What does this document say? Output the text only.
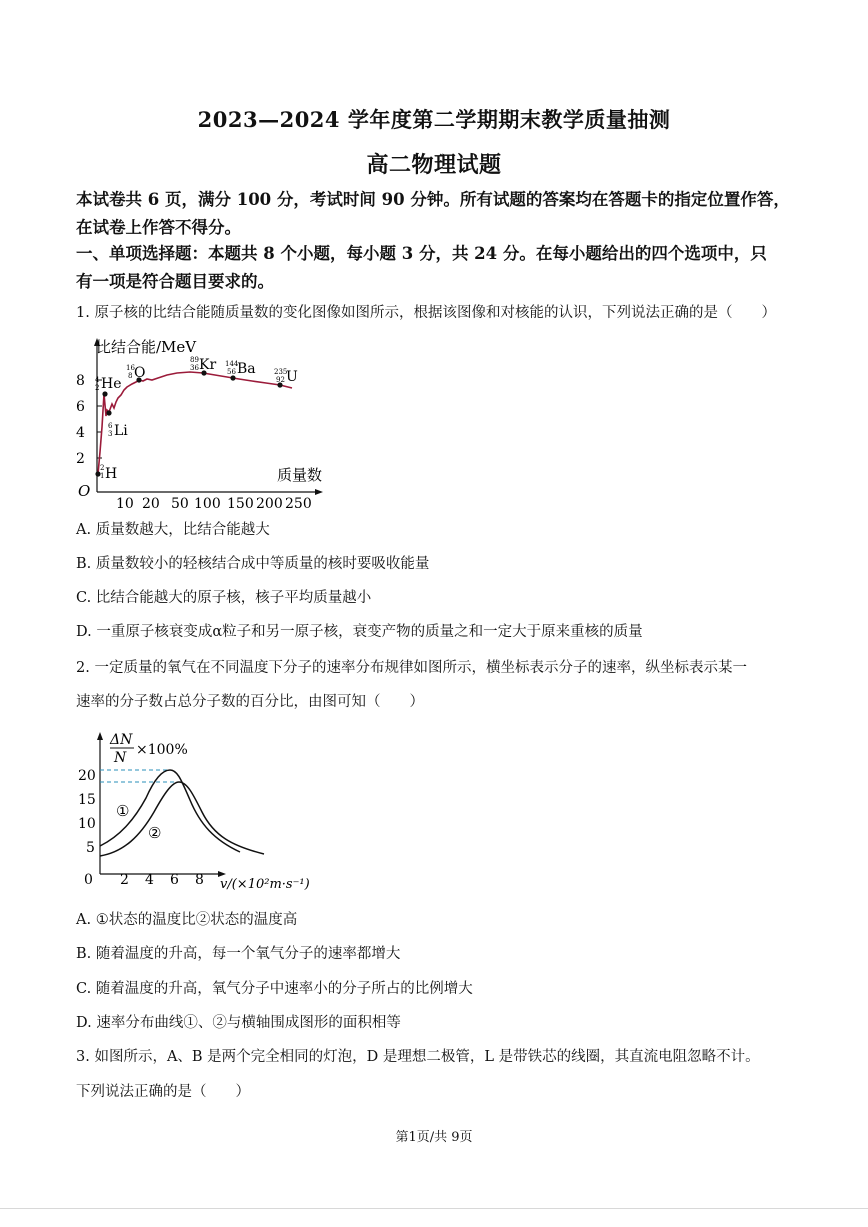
2023—2024 学年度第二学期期末教学质量抽测
高二物理试题
本试卷共 6 页，满分 100 分，考试时间 90 分钟。所有试题的答案均在答题卡的指定位置作答，
在试卷上作答不得分。
一、单项选择题：本题共 8 个小题，每小题 3 分，共 24 分。在每小题给出的四个选项中，只
有一项是符合题目要求的。
1. 原子核的比结合能随质量数的变化图像如图所示，根据该图像和对核能的认识，下列说法正确的是（　　）
比结合能/MeV
质量数
O
2
4
6
8
10 20 50 100 150 200 250
2
1 H
4
2 He
6
3 Li
16
8 O
89
36 Kr 144
56 Ba	235
92 U
A. 质量数越大，比结合能越大
B. 质量数较小的轻核结合成中等质量的核时要吸收能量
C. 比结合能越大的原子核，核子平均质量越小
D. 一重原子核衰变成α粒子和另一原子核，衰变产物的质量之和一定大于原来重核的质量
2. 一定质量的氧气在不同温度下分子的速率分布规律如图所示，横坐标表示分子的速率，纵坐标表示某一
速率的分子数占总分子数的百分比，由图可知（　　）
ΔN
N ×100%
5
10
15
20
0 2 4 6 8 v/(×10²m·s⁻¹)
①
②
A. ①状态的温度比②状态的温度高
B. 随着温度的升高，每一个氧气分子的速率都增大
C. 随着温度的升高，氧气分子中速率小的分子所占的比例增大
D. 速率分布曲线①、②与横轴围成图形的面积相等
3. 如图所示，A、B 是两个完全相同的灯泡，D 是理想二极管，L 是带铁芯的线圈，其直流电阻忽略不计。
下列说法正确的是（　　）
第1页/共 9页
